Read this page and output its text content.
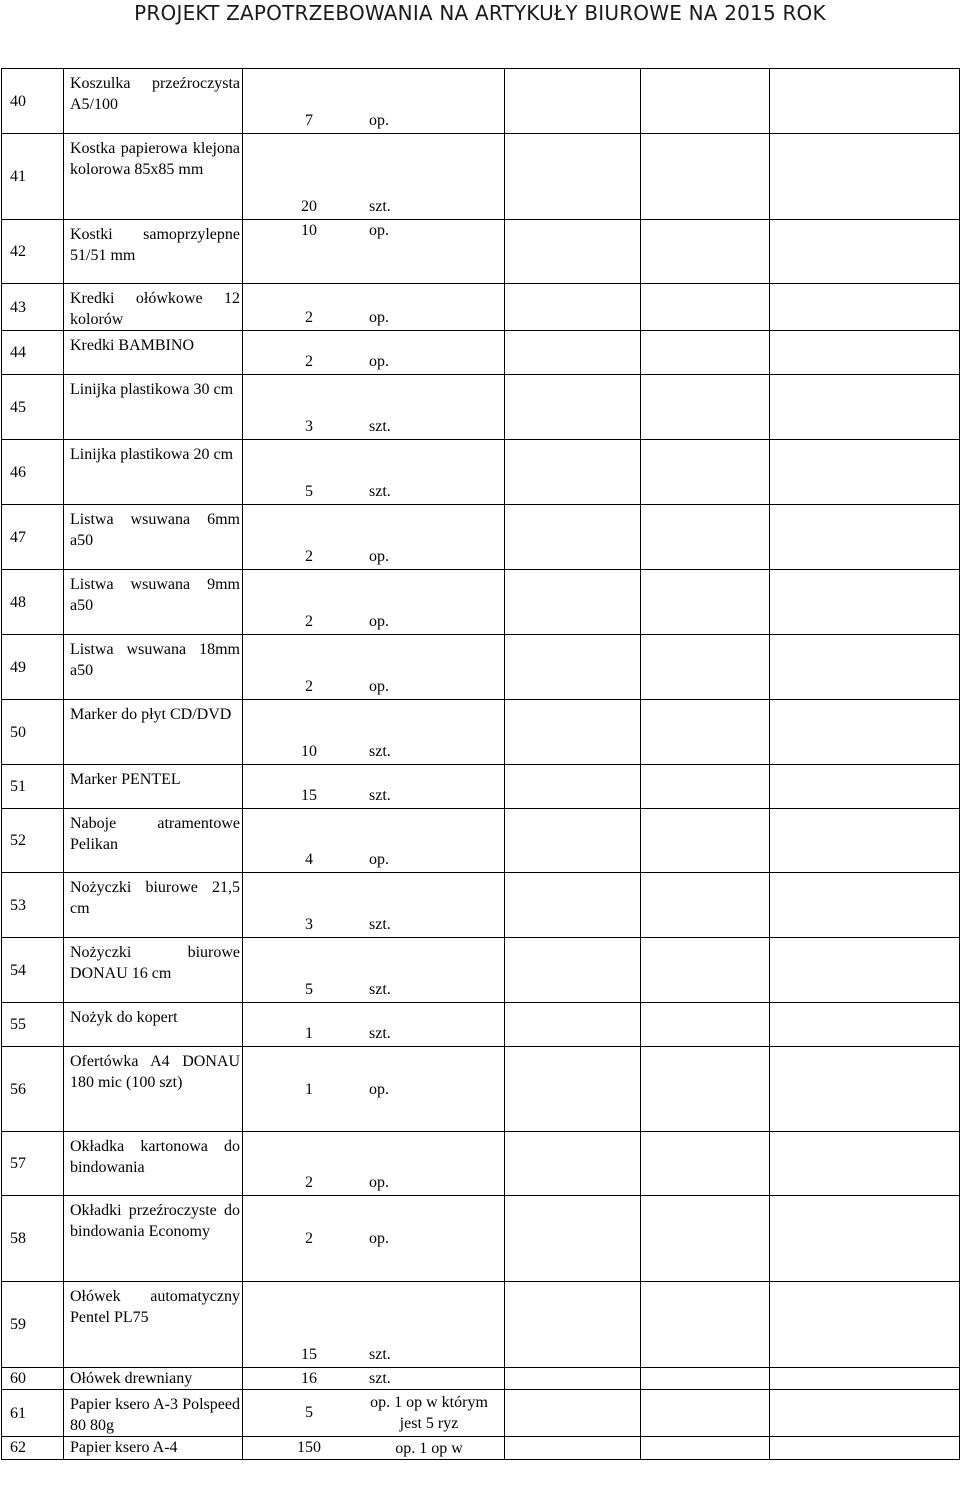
PROJEKT ZAPOTRZEBOWANIA NA ARTYKUŁY BIUROWE NA 2015 ROK
40	Koszulka przeźroczysta A5/100	7 op.			
41	Kostka papierowa klejona kolorowa 85x85 mm	20 szt.			
42	Kostki samoprzylepne 51/51 mm	10 op.			
43	Kredki ołówkowe 12 kolorów	2 op.			
44	Kredki BAMBINO	2 op.			
45	Linijka plastikowa 30 cm	3 szt.			
46	Linijka plastikowa 20 cm	5 szt.			
47	Listwa wsuwana 6mm a50	2 op.			
48	Listwa wsuwana 9mm a50	2 op.			
49	Listwa wsuwana 18mm a50	2 op.			
50	Marker do płyt CD/DVD	10 szt.			
51	Marker PENTEL	15 szt.			
52	Naboje atramentowe Pelikan	4 op.			
53	Nożyczki biurowe 21,5 cm	3 szt.			
54	Nożyczki biurowe DONAU 16 cm	5 szt.			
55	Nożyk do kopert	1 szt.			
56	Ofertówka A4 DONAU 180 mic (100 szt)	1 op.			
57	Okładka kartonowa do bindowania	2 op.			
58	Okładki przeźroczyste do bindowania Economy	2 op.			
59	Ołówek automatyczny Pentel PL75	15 szt.			
60	Ołówek drewniany	16 szt.			
61	Papier ksero A-3 Polspeed 80 80g	5op. 1 op w którym jest 5 ryz			
62	Papier ksero A-4	150 op. 1 op w			
